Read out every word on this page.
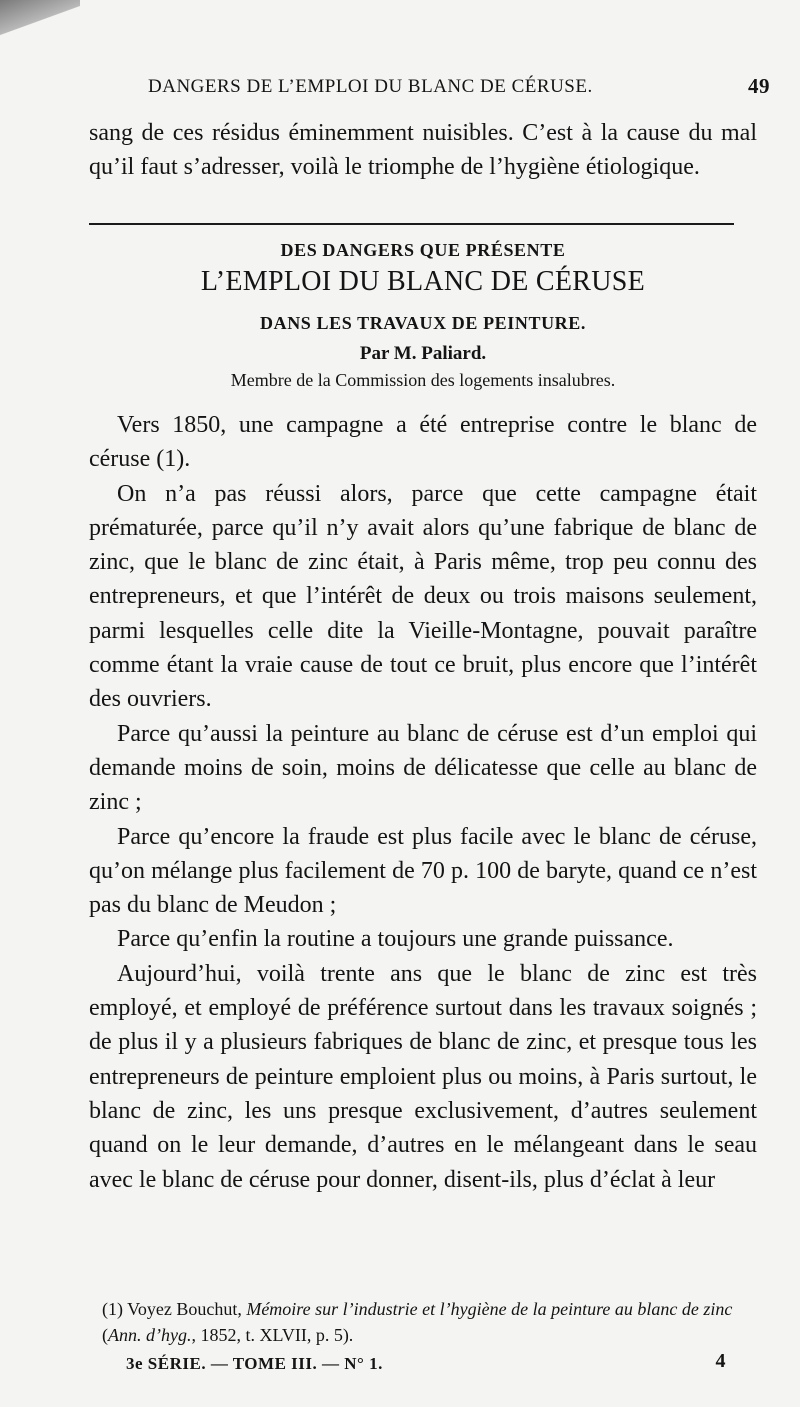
DANGERS DE L’EMPLOI DU BLANC DE CÉRUSE.	49

sang de ces résidus éminemment nuisibles. C’est à la cause du mal qu’il faut s’adresser, voilà le triomphe de l’hygiène étiologique.

DES DANGERS QUE PRÉSENTE
L’EMPLOI DU BLANC DE CÉRUSE
DANS LES TRAVAUX DE PEINTURE.
Par M. Paliard.
Membre de la Commission des logements insalubres.

Vers 1850, une campagne a été entreprise contre le blanc de céruse (1).

On n’a pas réussi alors, parce que cette campagne était prématurée, parce qu’il n’y avait alors qu’une fabrique de blanc de zinc, que le blanc de zinc était, à Paris même, trop peu connu des entrepreneurs, et que l’intérêt de deux ou trois maisons seulement, parmi lesquelles celle dite la Vieille-Montagne, pouvait paraître comme étant la vraie cause de tout ce bruit, plus encore que l’intérêt des ouvriers.

Parce qu’aussi la peinture au blanc de céruse est d’un emploi qui demande moins de soin, moins de délicatesse que celle au blanc de zinc ;

Parce qu’encore la fraude est plus facile avec le blanc de céruse, qu’on mélange plus facilement de 70 p. 100 de baryte, quand ce n’est pas du blanc de Meudon ;

Parce qu’enfin la routine a toujours une grande puissance.

Aujourd’hui, voilà trente ans que le blanc de zinc est très employé, et employé de préférence surtout dans les travaux soignés ; de plus il y a plusieurs fabriques de blanc de zinc, et presque tous les entrepreneurs de peinture emploient plus ou moins, à Paris surtout, le blanc de zinc, les uns presque exclusivement, d’autres seulement quand on le leur demande, d’autres en le mélangeant dans le seau avec le blanc de céruse pour donner, disent-ils, plus d’éclat à leur

(1) Voyez Bouchut, Mémoire sur l’industrie et l’hygiène de la peinture au blanc de zinc (Ann. d’hyg., 1852, t. XLVII, p. 5).
3e SÉRIE. — TOME III. — N° 1.	4
